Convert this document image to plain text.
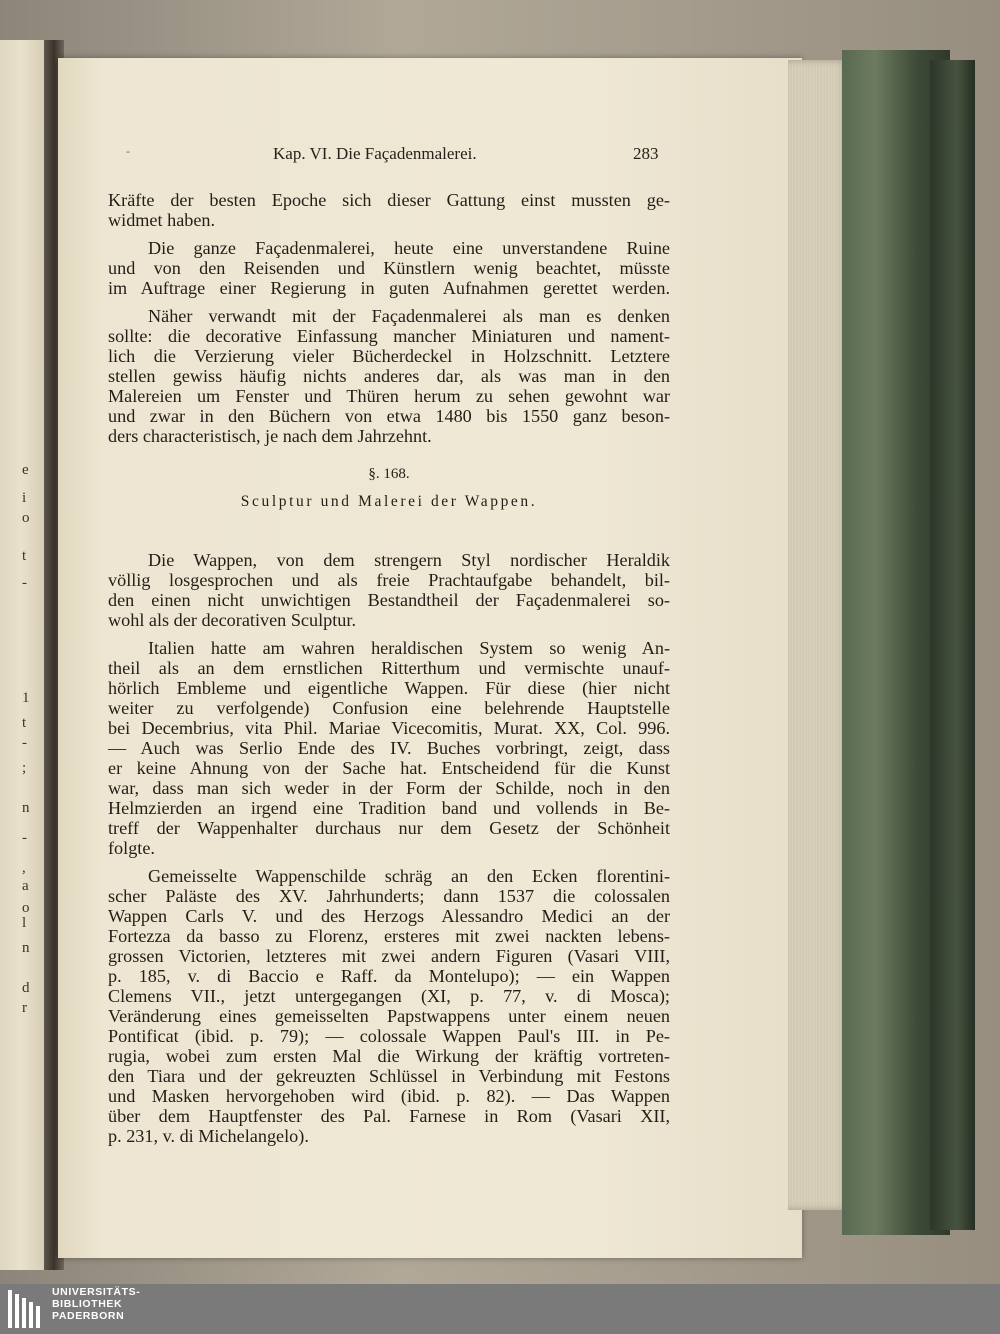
e
i
o
t
-
1
t
-
;
n
-
,
a
o
l
n
d
r
-	Kap. VI. Die Façadenmalerei.	283
Kräfte der besten Epoche sich dieser Gattung einst mussten ge-
widmet haben.
Die ganze Façadenmalerei, heute eine unverstandene Ruine
und von den Reisenden und Künstlern wenig beachtet, müsste
im Auftrage einer Regierung in guten Aufnahmen gerettet werden.
Näher verwandt mit der Façadenmalerei als man es denken
sollte: die decorative Einfassung mancher Miniaturen und nament-
lich die Verzierung vieler Bücherdeckel in Holzschnitt. Letztere
stellen gewiss häufig nichts anderes dar, als was man in den
Malereien um Fenster und Thüren herum zu sehen gewohnt war
und zwar in den Büchern von etwa 1480 bis 1550 ganz beson-
ders characteristisch, je nach dem Jahrzehnt.
§. 168.
Sculptur und Malerei der Wappen.
Die Wappen, von dem strengern Styl nordischer Heraldik
völlig losgesprochen und als freie Prachtaufgabe behandelt, bil-
den einen nicht unwichtigen Bestandtheil der Façadenmalerei so-
wohl als der decorativen Sculptur.
Italien hatte am wahren heraldischen System so wenig An-
theil als an dem ernstlichen Ritterthum und vermischte unauf-
hörlich Embleme und eigentliche Wappen. Für diese (hier nicht
weiter zu verfolgende) Confusion eine belehrende Hauptstelle
bei Decembrius, vita Phil. Mariae Vicecomitis, Murat. XX, Col. 996.
— Auch was Serlio Ende des IV. Buches vorbringt, zeigt, dass
er keine Ahnung von der Sache hat. Entscheidend für die Kunst
war, dass man sich weder in der Form der Schilde, noch in den
Helmzierden an irgend eine Tradition band und vollends in Be-
treff der Wappenhalter durchaus nur dem Gesetz der Schönheit
folgte.
Gemeisselte Wappenschilde schräg an den Ecken florentini-
scher Paläste des XV. Jahrhunderts; dann 1537 die colossalen
Wappen Carls V. und des Herzogs Alessandro Medici an der
Fortezza da basso zu Florenz, ersteres mit zwei nackten lebens-
grossen Victorien, letzteres mit zwei andern Figuren (Vasari VIII,
p. 185, v. di Baccio e Raff. da Montelupo); — ein Wappen
Clemens VII., jetzt untergegangen (XI, p. 77, v. di Mosca);
Veränderung eines gemeisselten Papstwappens unter einem neuen
Pontificat (ibid. p. 79); — colossale Wappen Paul's III. in Pe-
rugia, wobei zum ersten Mal die Wirkung der kräftig vortreten-
den Tiara und der gekreuzten Schlüssel in Verbindung mit Festons
und Masken hervorgehoben wird (ibid. p. 82). — Das Wappen
über dem Hauptfenster des Pal. Farnese in Rom (Vasari XII,
p. 231, v. di Michelangelo).
UNIVERSITÄTS-
BIBLIOTHEK
PADERBORN
